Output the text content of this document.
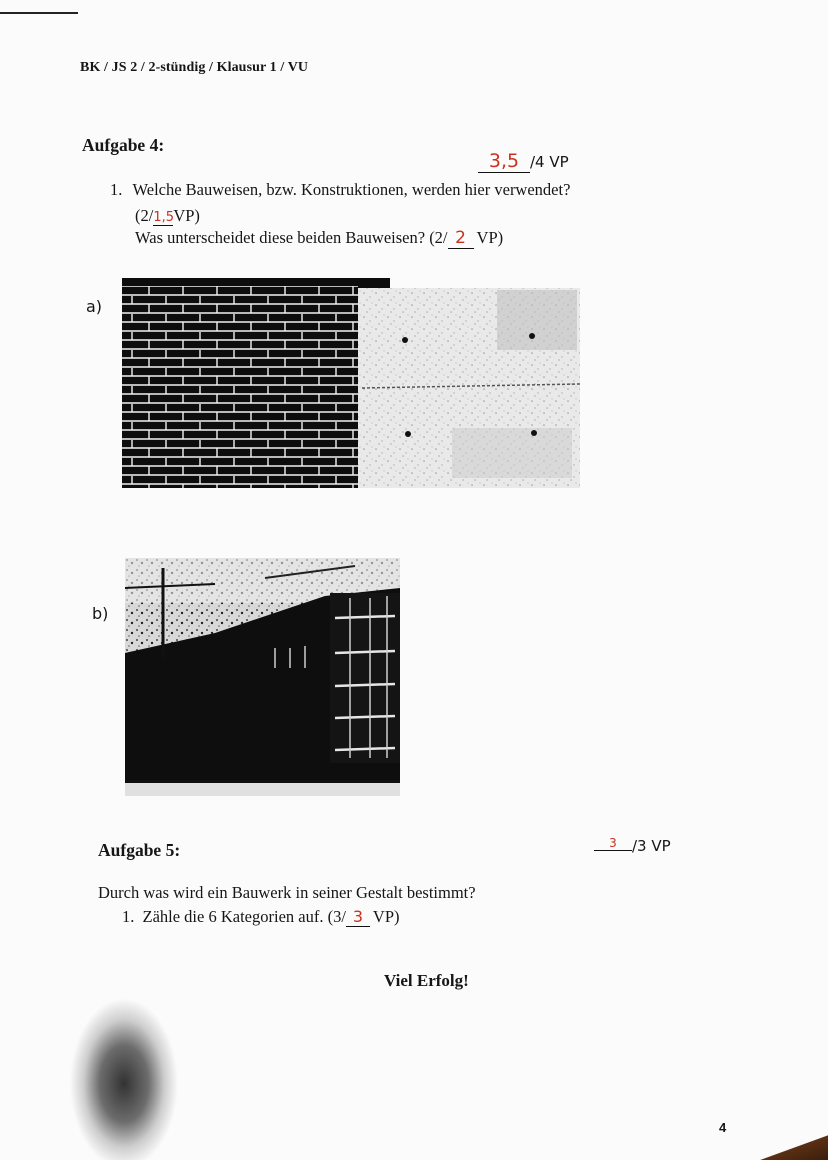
BK / JS 2 / 2-stündig / Klausur 1 / VU
Aufgabe 4:
3,5 /4 VP
1. Welche Bauweisen, bzw. Konstruktionen, werden hier verwendet?
(2/1,5VP)
Was unterscheidet diese beiden Bauweisen? (2/ 2 VP)
a)
b)
Aufgabe 5:	3 /3 VP
Durch was wird ein Bauwerk in seiner Gestalt bestimmt?
1. Zähle die 6 Kategorien auf. (3/ 3 VP)
Viel Erfolg!
4
